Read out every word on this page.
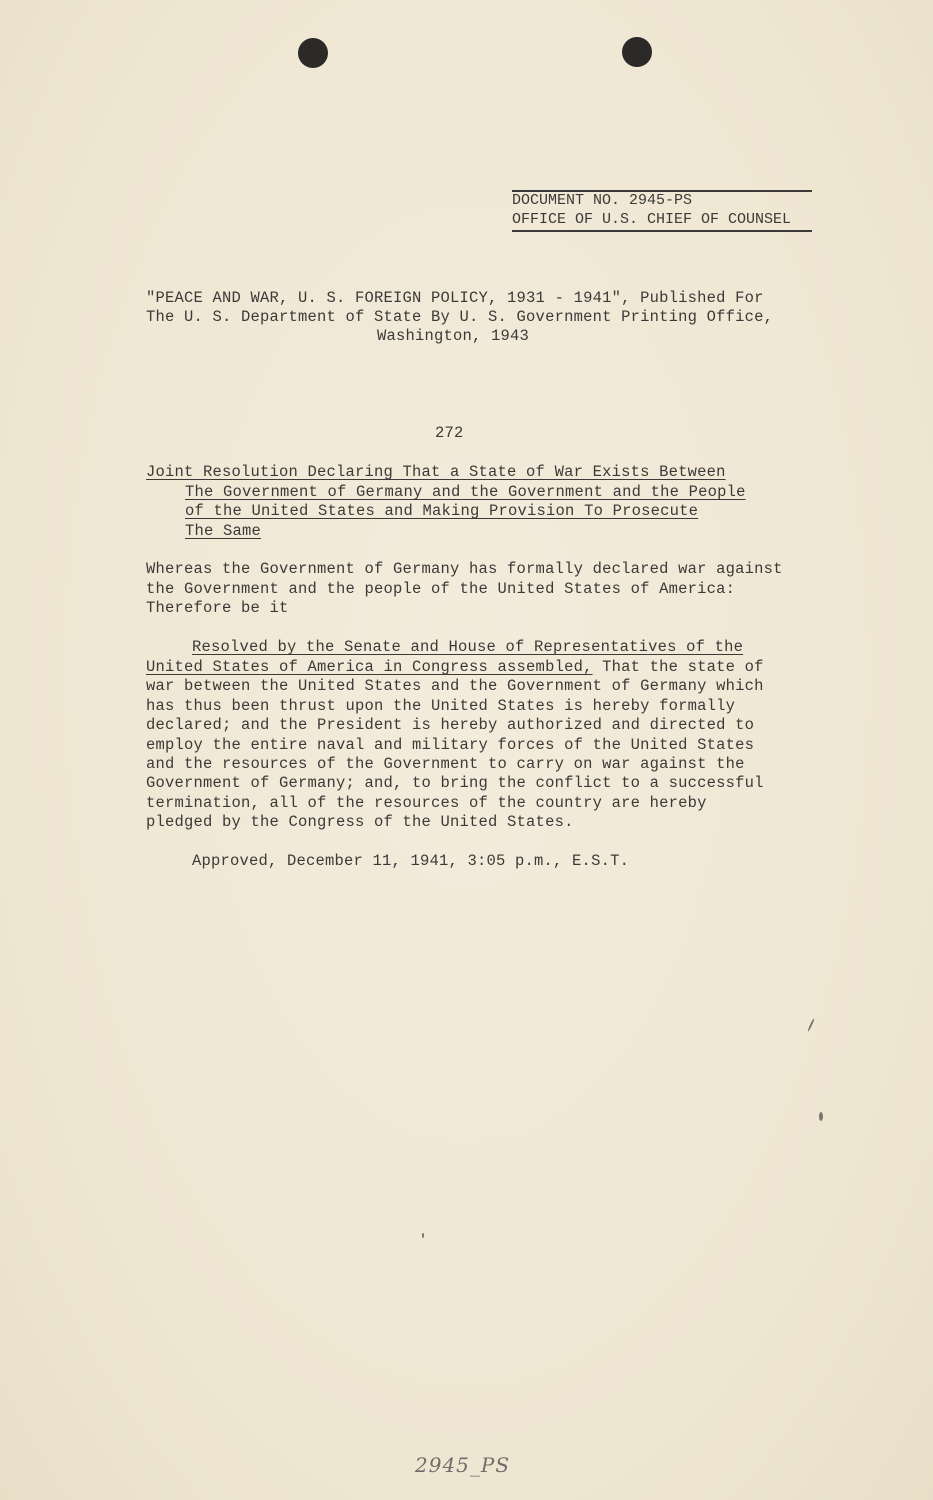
DOCUMENT NO. 2945-PS
OFFICE OF U.S. CHIEF OF COUNSEL
"PEACE AND WAR, U. S. FOREIGN POLICY, 1931 - 1941", Published For
The U. S. Department of State By U. S. Government Printing Office,
Washington, 1943
272
Joint Resolution Declaring That a State of War Exists Between
The Government of Germany and the Government and the People
of the United States and Making Provision To Prosecute
The Same
Whereas the Government of Germany has formally declared war against
the Government and the people of the United States of America:
Therefore be it
Resolved by the Senate and House of Representatives of the
United States of America in Congress assembled, That the state of
war between the United States and the Government of Germany which
has thus been thrust upon the United States is hereby formally
declared; and the President is hereby authorized and directed to
employ the entire naval and military forces of the United States
and the resources of the Government to carry on war against the
Government of Germany; and, to bring the conflict to a successful
termination, all of the resources of the country are hereby
pledged by the Congress of the United States.
Approved, December 11, 1941, 3:05 p.m., E.S.T.
2945_PS
